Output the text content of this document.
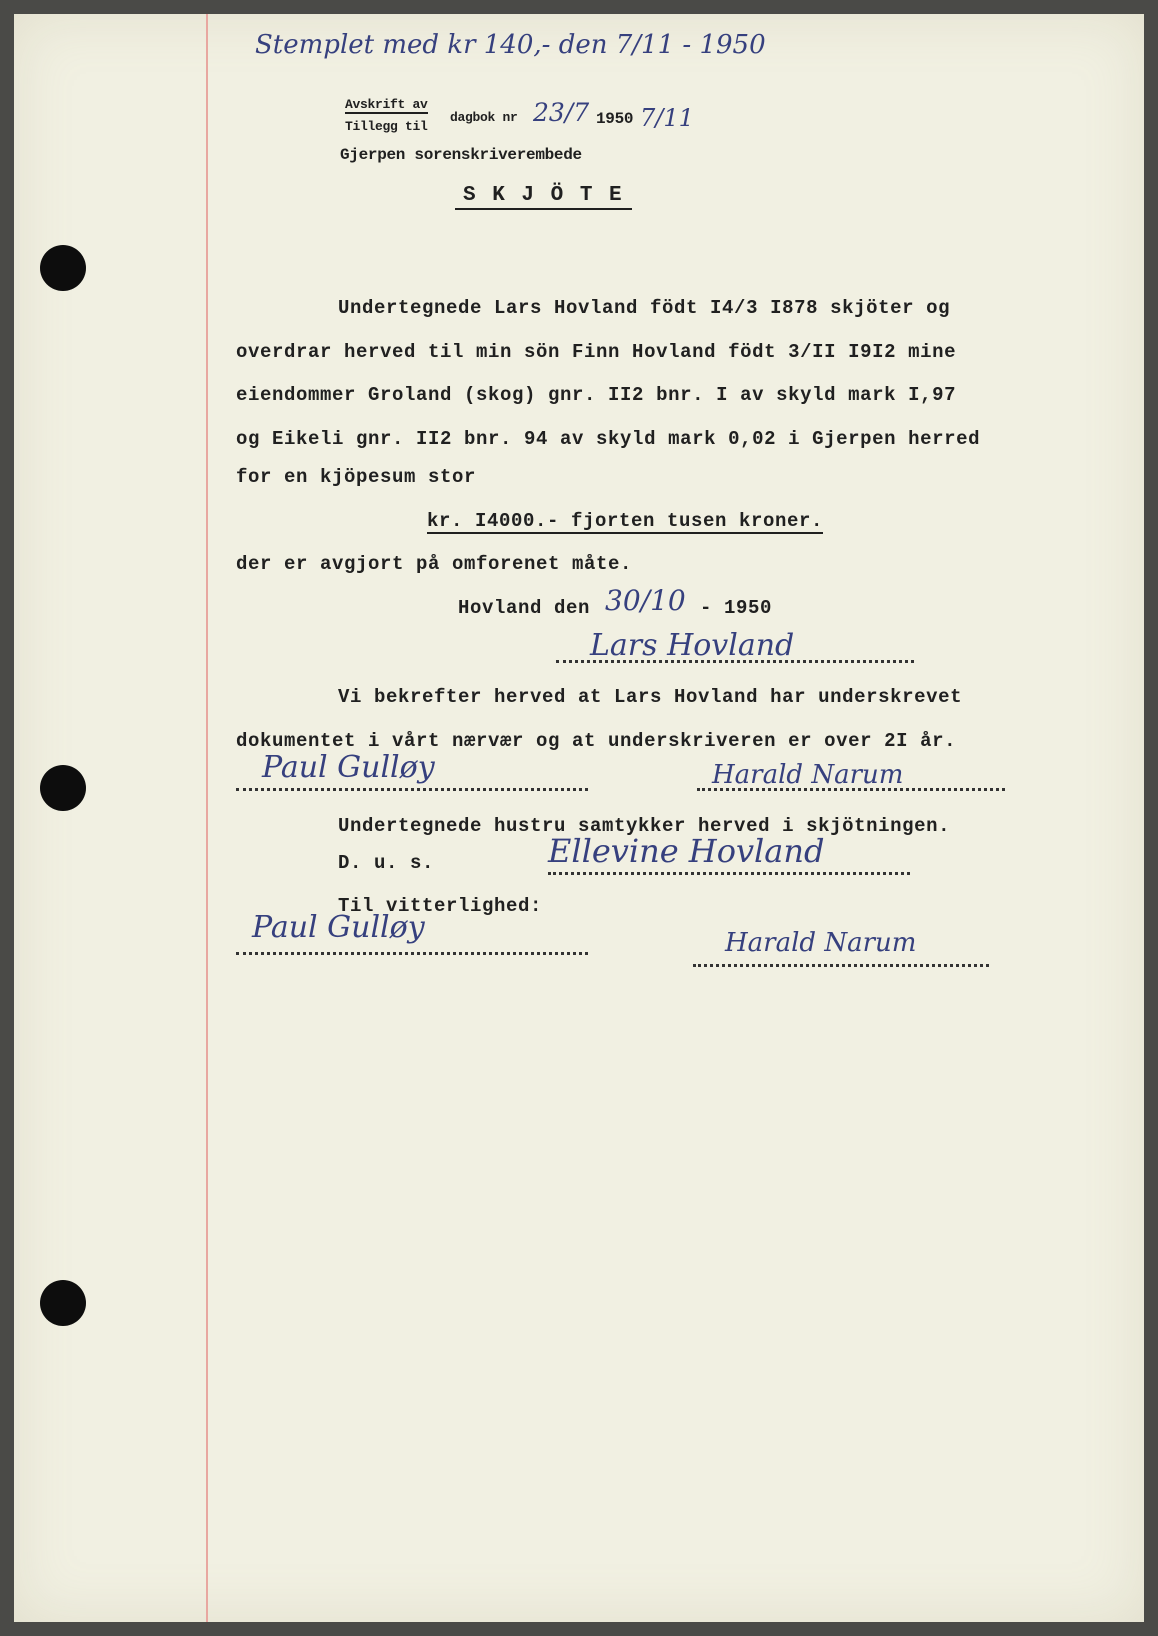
Stemplet med kr 140,- den 7/11 - 1950
Avskrift av
dagbok nr 23/7 1950 7/11
Tillegg til
Gjerpen sorenskriverembede
S K J Ö T E
Undertegnede Lars Hovland födt I4/3 I878 skjöter og
overdrar herved til min sön Finn Hovland födt 3/II I9I2 mine
eiendommer Groland (skog) gnr. II2 bnr. I av skyld mark I,97
og Eikeli gnr. II2 bnr. 94 av skyld mark 0,02 i Gjerpen herred
for en kjöpesum stor
kr. I4000.- fjorten tusen kroner.
der er avgjort på omforenet måte.
Hovland den 30/10 - 1950
Lars Hovland
Vi bekrefter herved at Lars Hovland har underskrevet
dokumentet i vårt nærvær og at underskriveren er over 2I år.
Paul Gulløy	Harald Narum
Undertegnede hustru samtykker herved i skjötningen.
D. u. s.	Ellevine Hovland
Til vitterlighed:
Paul Gulløy	Harald Narum
